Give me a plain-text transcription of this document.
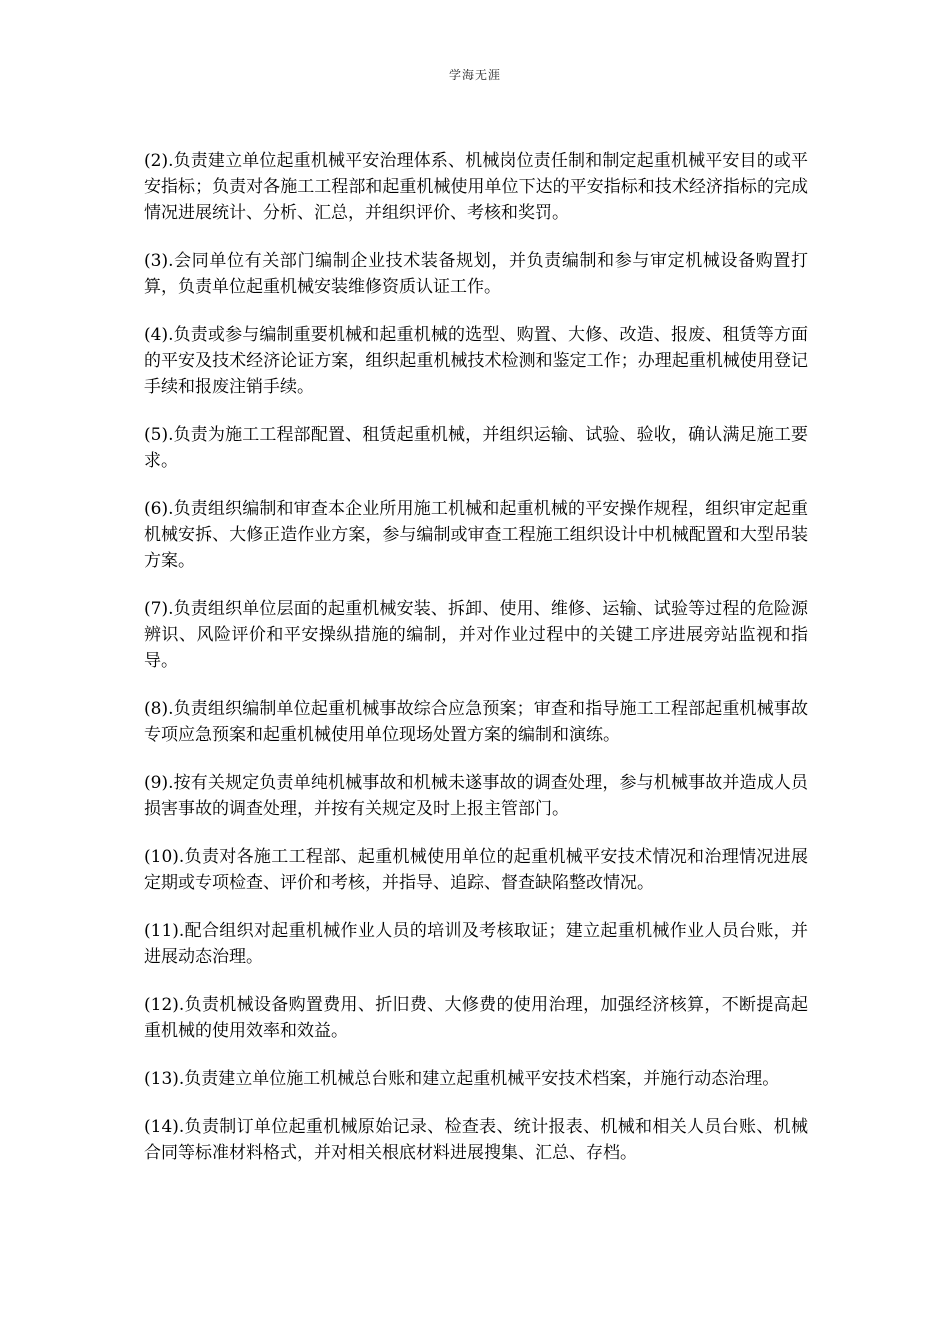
学海无涯

(2).负责建立单位起重机械平安治理体系、机械岗位责任制和制定起重机械平安目的或平安指标；负责对各施工工程部和起重机械使用单位下达的平安指标和技术经济指标的完成情况进展统计、分析、汇总，并组织评价、考核和奖罚。

(3).会同单位有关部门编制企业技术装备规划，并负责编制和参与审定机械设备购置打算，负责单位起重机械安装维修资质认证工作。

(4).负责或参与编制重要机械和起重机械的选型、购置、大修、改造、报废、租赁等方面的平安及技术经济论证方案，组织起重机械技术检测和鉴定工作；办理起重机械使用登记手续和报废注销手续。

(5).负责为施工工程部配置、租赁起重机械，并组织运输、试验、验收，确认满足施工要求。

(6).负责组织编制和审查本企业所用施工机械和起重机械的平安操作规程，组织审定起重机械安拆、大修正造作业方案，参与编制或审查工程施工组织设计中机械配置和大型吊装方案。

(7).负责组织单位层面的起重机械安装、拆卸、使用、维修、运输、试验等过程的危险源辨识、风险评价和平安操纵措施的编制，并对作业过程中的关键工序进展旁站监视和指导。

(8).负责组织编制单位起重机械事故综合应急预案；审查和指导施工工程部起重机械事故专项应急预案和起重机械使用单位现场处置方案的编制和演练。

(9).按有关规定负责单纯机械事故和机械未遂事故的调查处理，参与机械事故并造成人员损害事故的调查处理，并按有关规定及时上报主管部门。

(10).负责对各施工工程部、起重机械使用单位的起重机械平安技术情况和治理情况进展定期或专项检查、评价和考核，并指导、追踪、督查缺陷整改情况。

(11).配合组织对起重机械作业人员的培训及考核取证；建立起重机械作业人员台账，并进展动态治理。

(12).负责机械设备购置费用、折旧费、大修费的使用治理，加强经济核算，不断提高起重机械的使用效率和效益。

(13).负责建立单位施工机械总台账和建立起重机械平安技术档案，并施行动态治理。

(14).负责制订单位起重机械原始记录、检查表、统计报表、机械和相关人员台账、机械合同等标准材料格式，并对相关根底材料进展搜集、汇总、存档。
